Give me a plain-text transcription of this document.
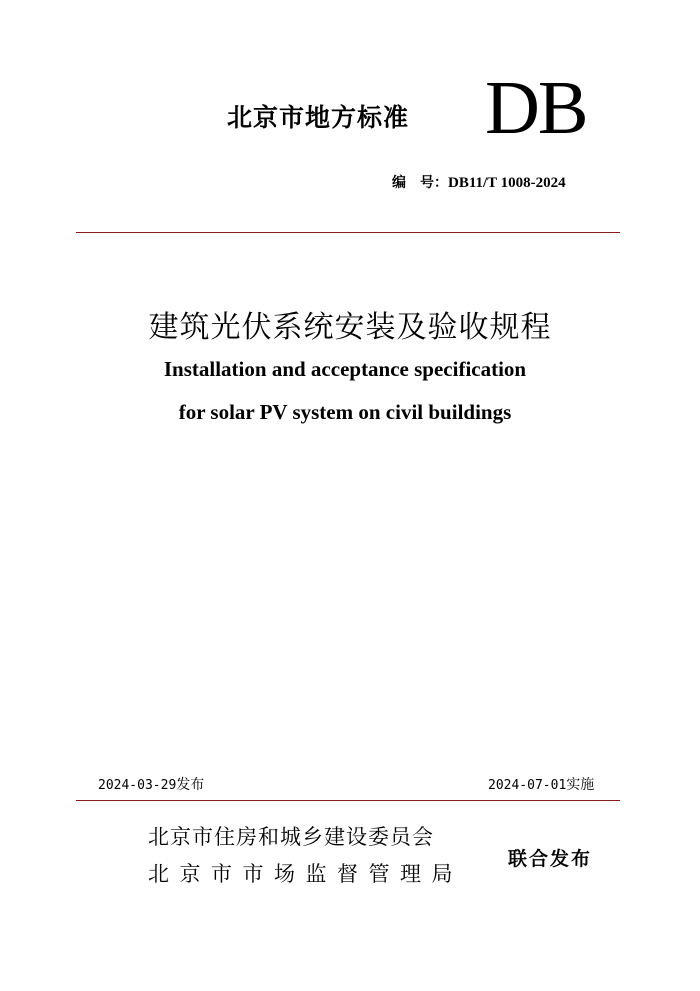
北京市地方标准 DB
编　号：DB11/T 1008-2024
建筑光伏系统安装及验收规程
Installation and acceptance specification
for solar PV system on civil buildings
2024-03-29发布	2024-07-01实施
北京市住房和城乡建设委员会
北京市市场监督管理局
联合发布
